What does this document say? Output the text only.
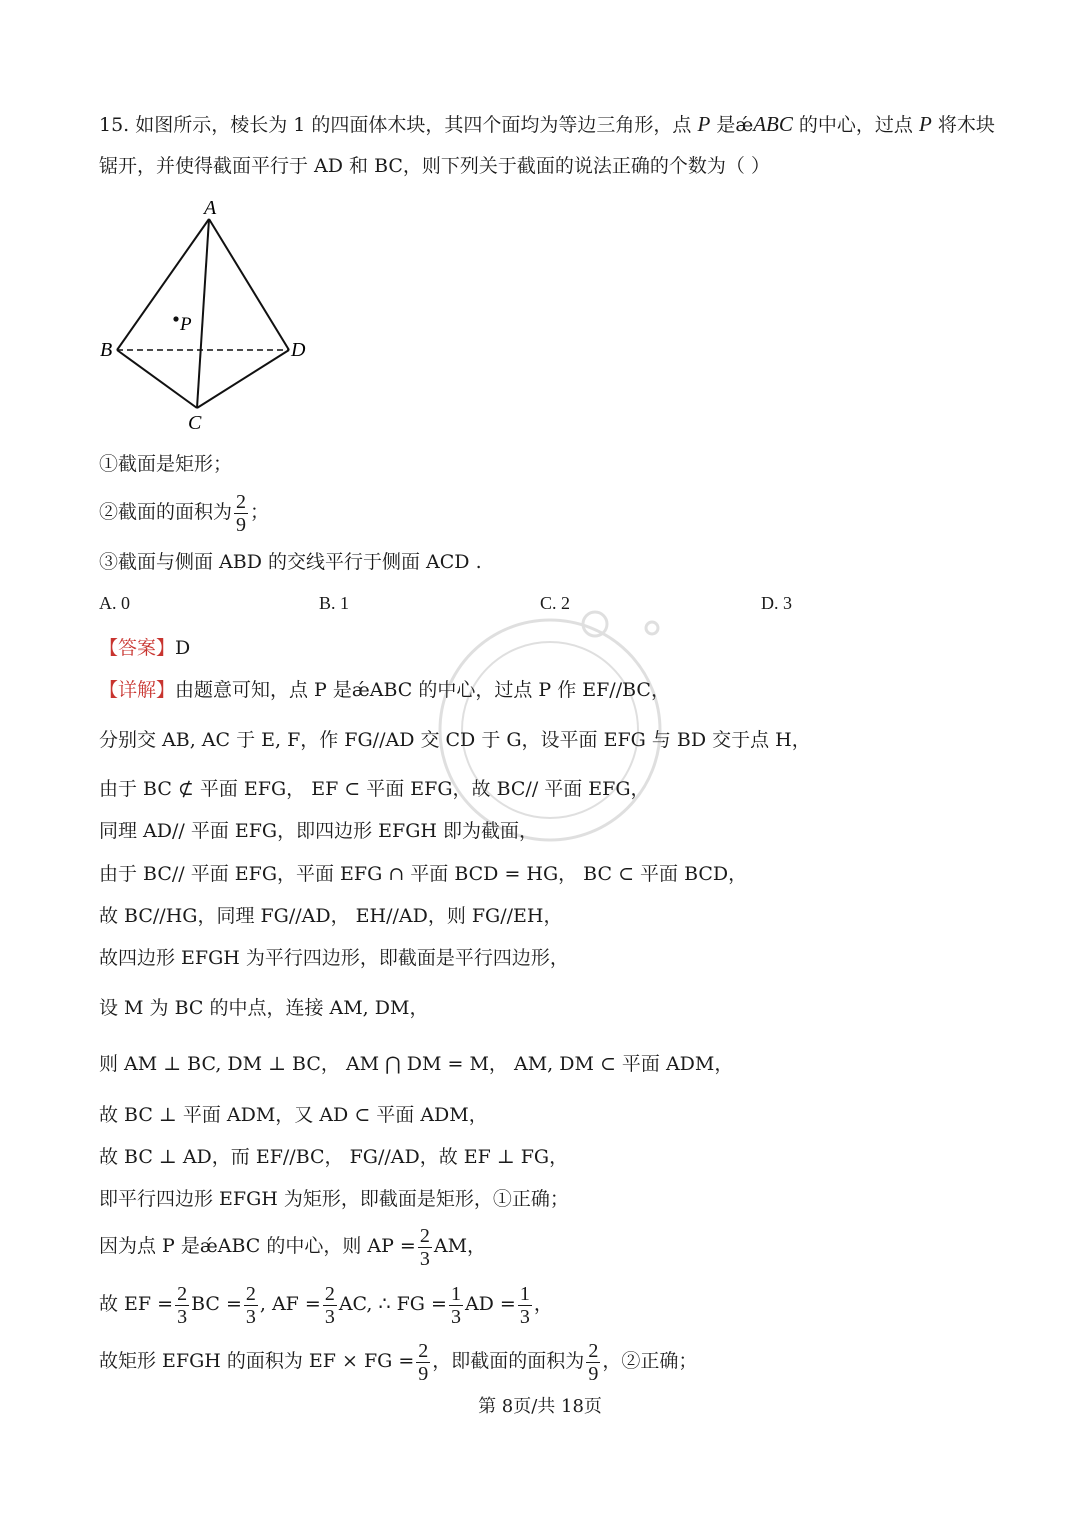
15. 如图所示，棱长为 1 的四面体木块，其四个面均为等边三角形，点 P 是ǽABC 的中心，过点 P 将木块
锯开，并使得截面平行于 AD 和 BC，则下列关于截面的说法正确的个数为（ ）
A
B
C
D
P
①截面是矩形；
②截面的面积为 $\frac{2}{9}$ ；
③截面与侧面 ABD 的交线平行于侧面 ACD .
A. 0	B. 1	C. 2	D. 3
【答案】D
【详解】由题意可知，点 P 是ǽABC 的中心，过点 P 作 EF//BC，
分别交 AB, AC 于 E, F，作 FG//AD 交 CD 于 G，设平面 EFG 与 BD 交于点 H，
由于 BC ⊄ 平面 EFG， EF ⊂ 平面 EFG，故 BC// 平面 EFG，
同理 AD// 平面 EFG，即四边形 EFGH 即为截面，
由于 BC// 平面 EFG，平面 EFG ∩ 平面 BCD = HG， BC ⊂ 平面 BCD，
故 BC//HG，同理 FG//AD， EH//AD，则 FG//EH，
故四边形 EFGH 为平行四边形，即截面是平行四边形，
设 M 为 BC 的中点，连接 AM, DM，
则 AM ⊥ BC, DM ⊥ BC， AM ⋂ DM = M， AM, DM ⊂ 平面 ADM，
故 BC ⊥ 平面 ADM，又 AD ⊂ 平面 ADM，
故 BC ⊥ AD，而 EF//BC， FG//AD，故 EF ⊥ FG，
即平行四边形 EFGH 为矩形，即截面是矩形，①正确；
因为点 P 是ǽABC 的中心，则 AP = $\frac{2}{3}$ AM，
故 EF = $\frac{2}{3}$ BC = $\frac{2}{3}$ , AF = $\frac{2}{3}$ AC, ∴ FG = $\frac{1}{3}$ AD = $\frac{1}{3}$ ，
故矩形 EFGH 的面积为 EF × FG = $\frac{2}{9}$ ，即截面的面积为 $\frac{2}{9}$ ，②正确；
第 8页/共 18页
